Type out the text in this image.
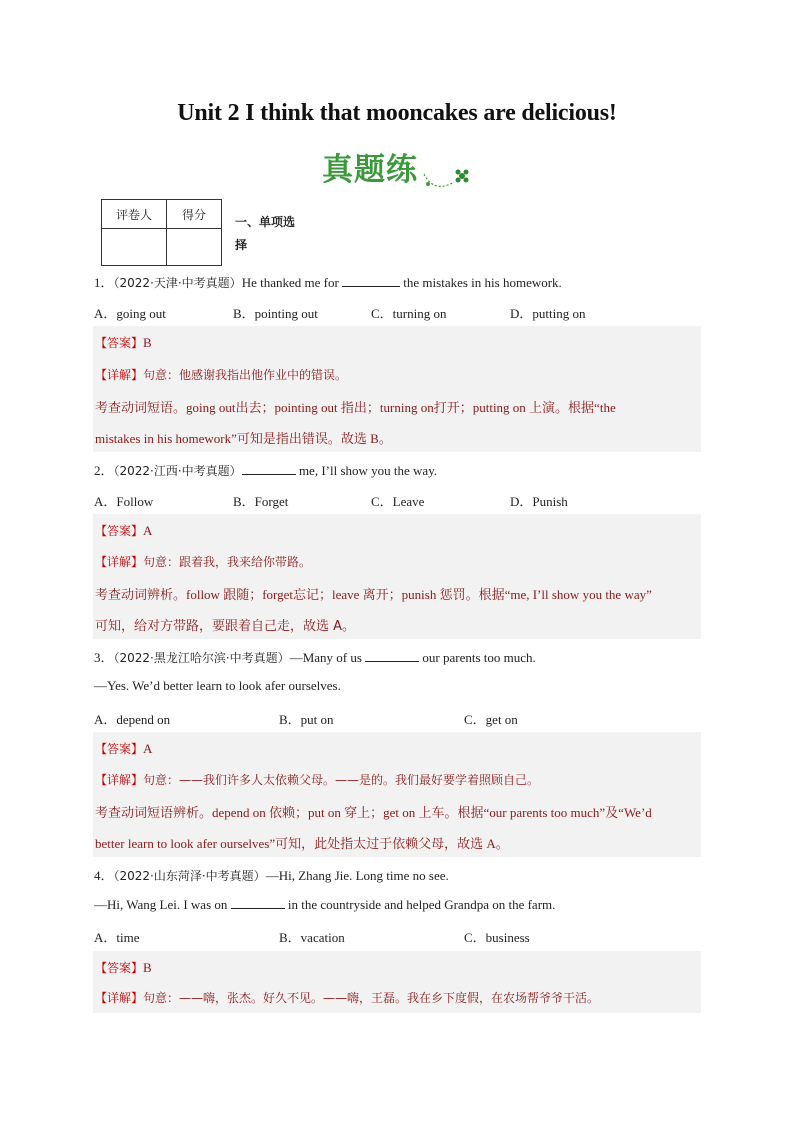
Unit 2 I think that mooncakes are delicious!
真题练
评卷人	得分

一、单项选
择
1．（2022·天津·中考真题）He thanked me for	the mistakes in his homework.
A．going out	B．pointing out	C．turning on	D．putting on
【答案】B
【详解】句意：他感谢我指出他作业中的错误。
考查动词短语。going out出去；pointing out 指出；turning on打开；putting on 上演。根据“the
mistakes in his homework”可知是指出错误。故选 B。
2．（2022·江西·中考真题）	me, I’ll show you the way.
A．Follow	B．Forget	C．Leave	D．Punish
【答案】A
【详解】句意：跟着我，我来给你带路。
考查动词辨析。follow 跟随；forget忘记；leave 离开；punish 惩罚。根据“me, I’ll show you the way”
可知，给对方带路，要跟着自己走，故选 A。
3．（2022·黑龙江哈尔滨·中考真题）—Many of us	our parents too much.
—Yes. We’d better learn to look afer ourselves.
A．depend on	B．put on	C．get on
【答案】A
【详解】句意：——我们许多人太依赖父母。——是的。我们最好要学着照顾自己。
考查动词短语辨析。depend on 依赖；put on 穿上；get on 上车。根据“our parents too much”及“We’d
better learn to look afer ourselves”可知，此处指太过于依赖父母，故选 A。
4．（2022·山东菏泽·中考真题）—Hi, Zhang Jie. Long time no see.
—Hi, Wang Lei. I was on	in the countryside and helped Grandpa on the farm.
A．time	B．vacation	C．business
【答案】B
【详解】句意：——嗨，张杰。好久不见。——嗨，王磊。我在乡下度假，在农场帮爷爷干活。
